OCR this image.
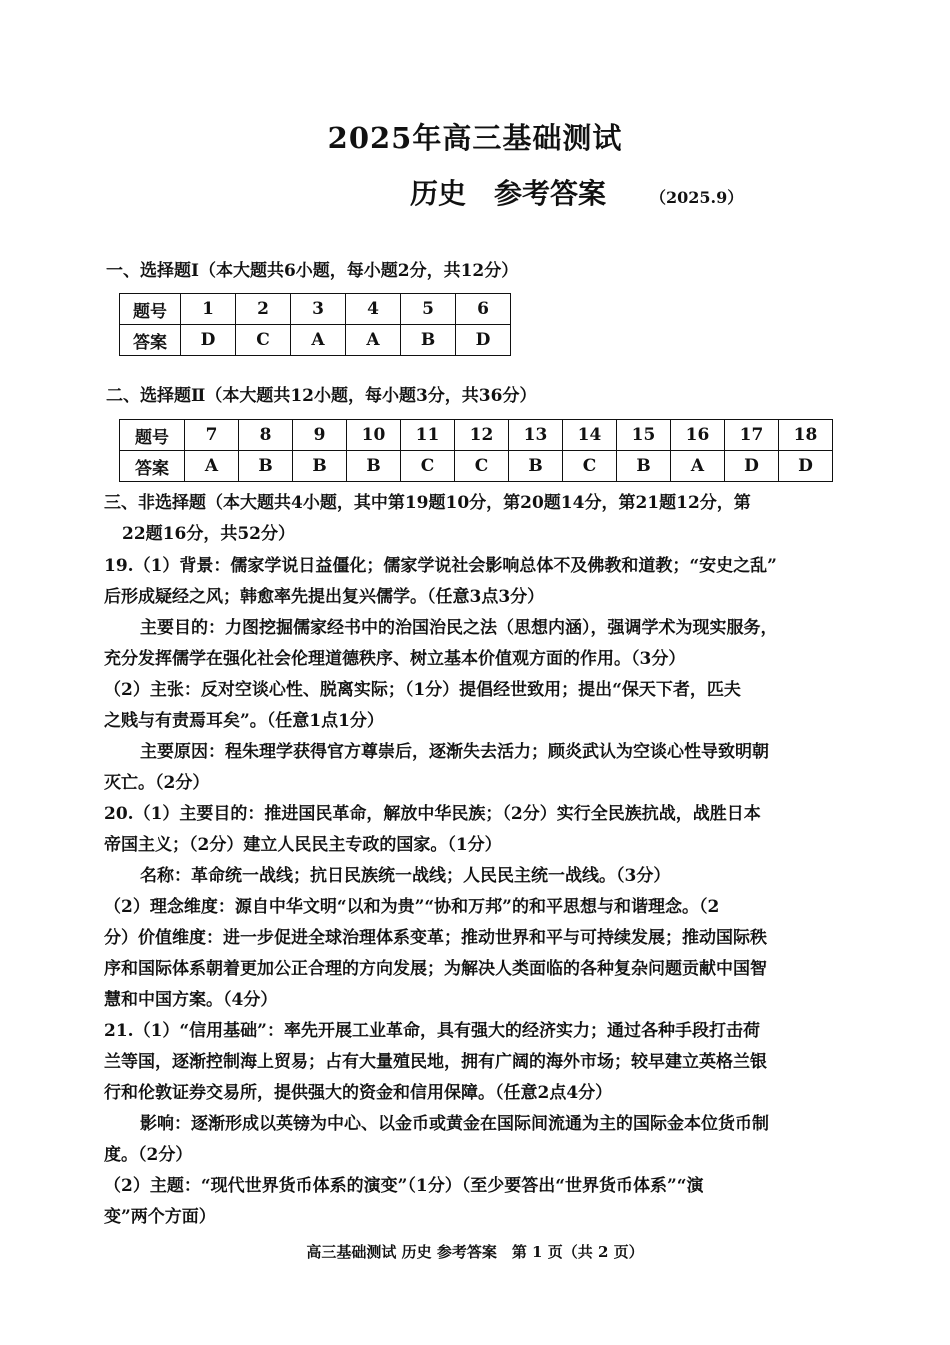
2025年高三基础测试
历史　参考答案	（2025.9）
一、选择题Ⅰ（本大题共6小题，每小题2分，共12分）
题号	1	2	3	4	5	6
答案	D	C	A	A	B	D
二、选择题Ⅱ（本大题共12小题，每小题3分，共36分）
题号	7	8	9	10	11	12	13	14	15	16	17	18
答案	A	B	B	B	C	C	B	C	B	A	D	D
三、非选择题（本大题共4小题，其中第19题10分，第20题14分，第21题12分，第
22题16分，共52分）
19.（1）背景：儒家学说日益僵化；儒家学说社会影响总体不及佛教和道教；“安史之乱”
后形成疑经之风；韩愈率先提出复兴儒学。（任意3点3分）
主要目的：力图挖掘儒家经书中的治国治民之法（思想内涵），强调学术为现实服务，
充分发挥儒学在强化社会伦理道德秩序、树立基本价值观方面的作用。（3分）
（2）主张：反对空谈心性、脱离实际；（1分）提倡经世致用；提出“保天下者，匹夫
之贱与有责焉耳矣”。（任意1点1分）
主要原因：程朱理学获得官方尊崇后，逐渐失去活力；顾炎武认为空谈心性导致明朝
灭亡。（2分）
20.（1）主要目的：推进国民革命，解放中华民族；（2分）实行全民族抗战，战胜日本
帝国主义；（2分）建立人民民主专政的国家。（1分）
名称：革命统一战线；抗日民族统一战线；人民民主统一战线。（3分）
（2）理念维度：源自中华文明“以和为贵”“协和万邦”的和平思想与和谐理念。（2
分）价值维度：进一步促进全球治理体系变革；推动世界和平与可持续发展；推动国际秩
序和国际体系朝着更加公正合理的方向发展；为解决人类面临的各种复杂问题贡献中国智
慧和中国方案。（4分）
21.（1）“信用基础”：率先开展工业革命，具有强大的经济实力；通过各种手段打击荷
兰等国，逐渐控制海上贸易；占有大量殖民地，拥有广阔的海外市场；较早建立英格兰银
行和伦敦证券交易所，提供强大的资金和信用保障。（任意2点4分）
影响：逐渐形成以英镑为中心、以金币或黄金在国际间流通为主的国际金本位货币制
度。（2分）
（2）主题：“现代世界货币体系的演变”（1分）（至少要答出“世界货币体系”“演
变”两个方面）
高三基础测试 历史 参考答案　第 1 页（共 2 页）
